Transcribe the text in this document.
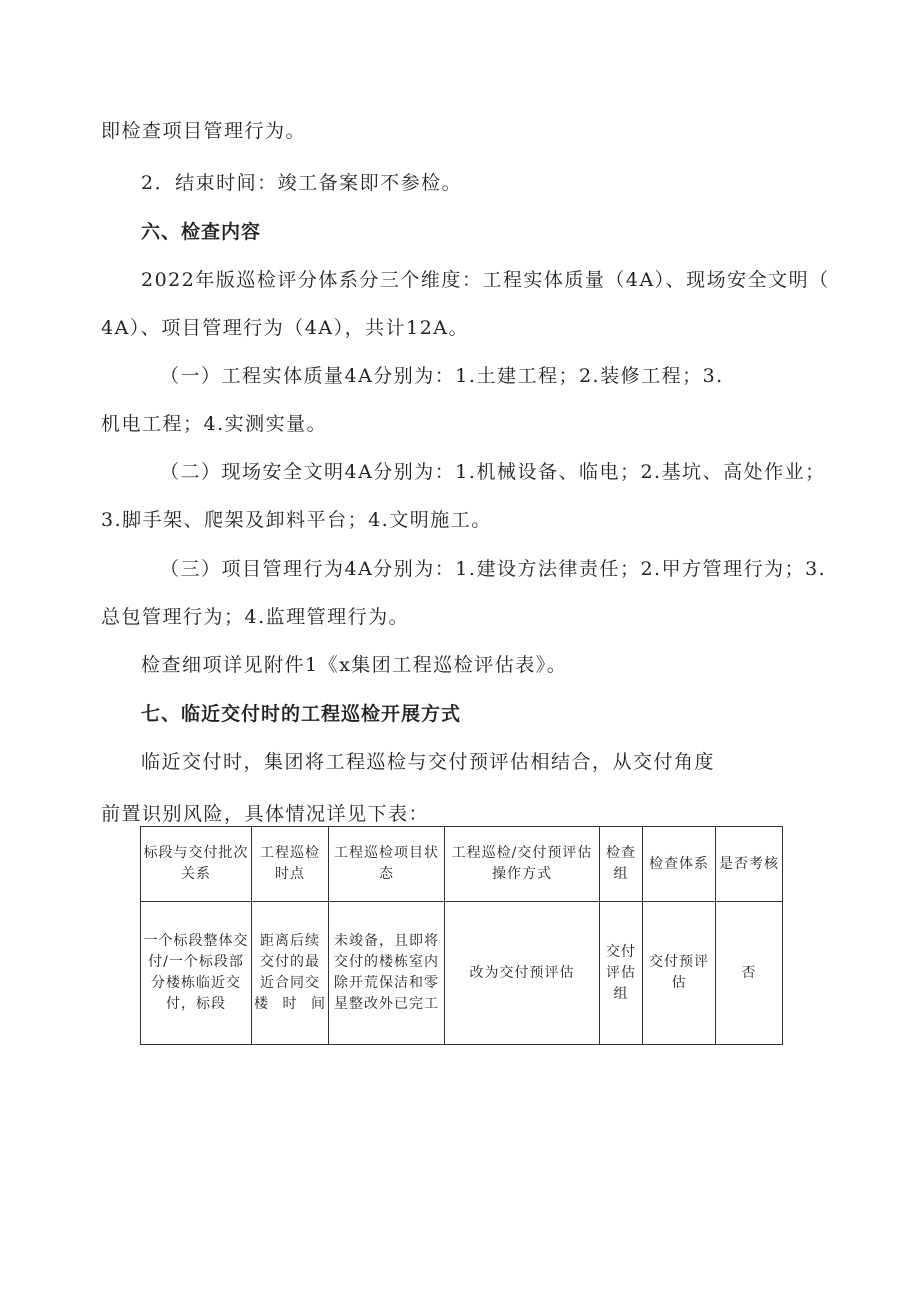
即检查项目管理行为。
2．结束时间：竣工备案即不参检。
六、检查内容
2022年版巡检评分体系分三个维度：工程实体质量（4A）、现场安全文明（
4A）、项目管理行为（4A），共计12A。
（一）工程实体质量4A分别为：1.土建工程；2.装修工程；3.
机电工程；4.实测实量。
（二）现场安全文明4A分别为：1.机械设备、临电；2.基坑、高处作业；
3.脚手架、爬架及卸料平台；4.文明施工。
（三）项目管理行为4A分别为：1.建设方法律责任；2.甲方管理行为；3.
总包管理行为；4.监理管理行为。
检查细项详见附件1《x集团工程巡检评估表》。
七、临近交付时的工程巡检开展方式
临近交付时，集团将工程巡检与交付预评估相结合，从交付角度
前置识别风险，具体情况详见下表：
标段与交付批次关系	工程巡检时点	工程巡检项目状态	工程巡检/交付预评估操作方式	检查组	检查体系	是否考核
一个标段整体交付/一个标段部分楼栋临近交付，标段	距离后续交付的最近合同交楼时间	未竣备，且即将交付的楼栋室内除开荒保洁和零星整改外已完工	改为交付预评估	交付评估组	交付预评估	否
